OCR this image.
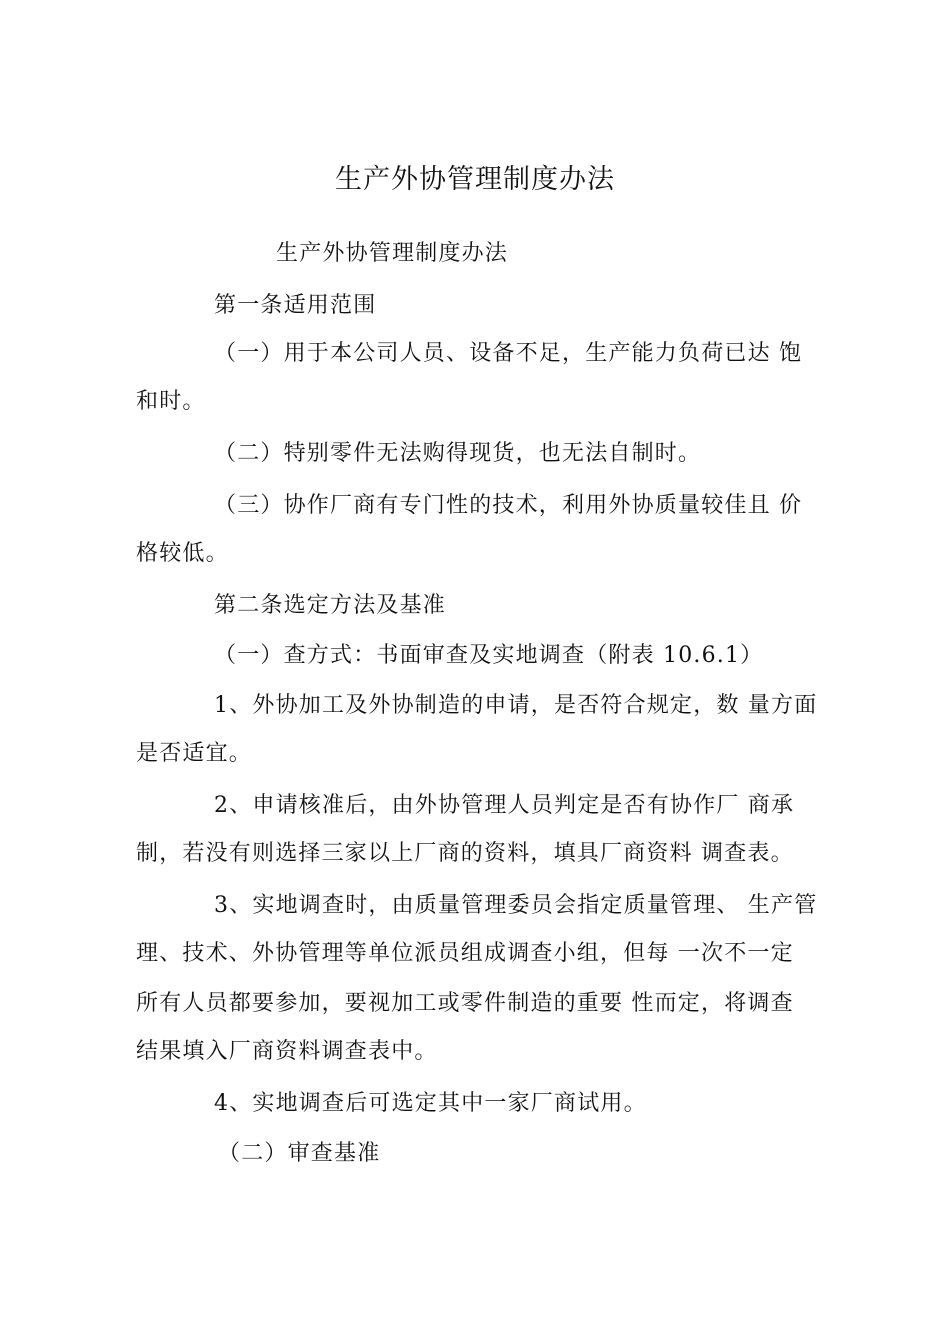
生产外协管理制度办法
生产外协管理制度办法
第一条适用范围
（一）用于本公司人员、设备不足，生产能力负荷已达 饱
和时。
（二）特别零件无法购得现货，也无法自制时。
（三）协作厂商有专门性的技术，利用外协质量较佳且 价
格较低。
第二条选定方法及基准
（一）查方式：书面审查及实地调查（附表 10.6.1）
1、外协加工及外协制造的申请，是否符合规定，数 量方面
是否适宜。
2、申请核准后，由外协管理人员判定是否有协作厂 商承
制，若没有则选择三家以上厂商的资料，填具厂商资料 调查表。
3、实地调查时，由质量管理委员会指定质量管理、 生产管
理、技术、外协管理等单位派员组成调查小组，但每 一次不一定
所有人员都要参加，要视加工或零件制造的重要 性而定，将调查
结果填入厂商资料调查表中。
4、实地调查后可选定其中一家厂商试用。
（二）审查基准
